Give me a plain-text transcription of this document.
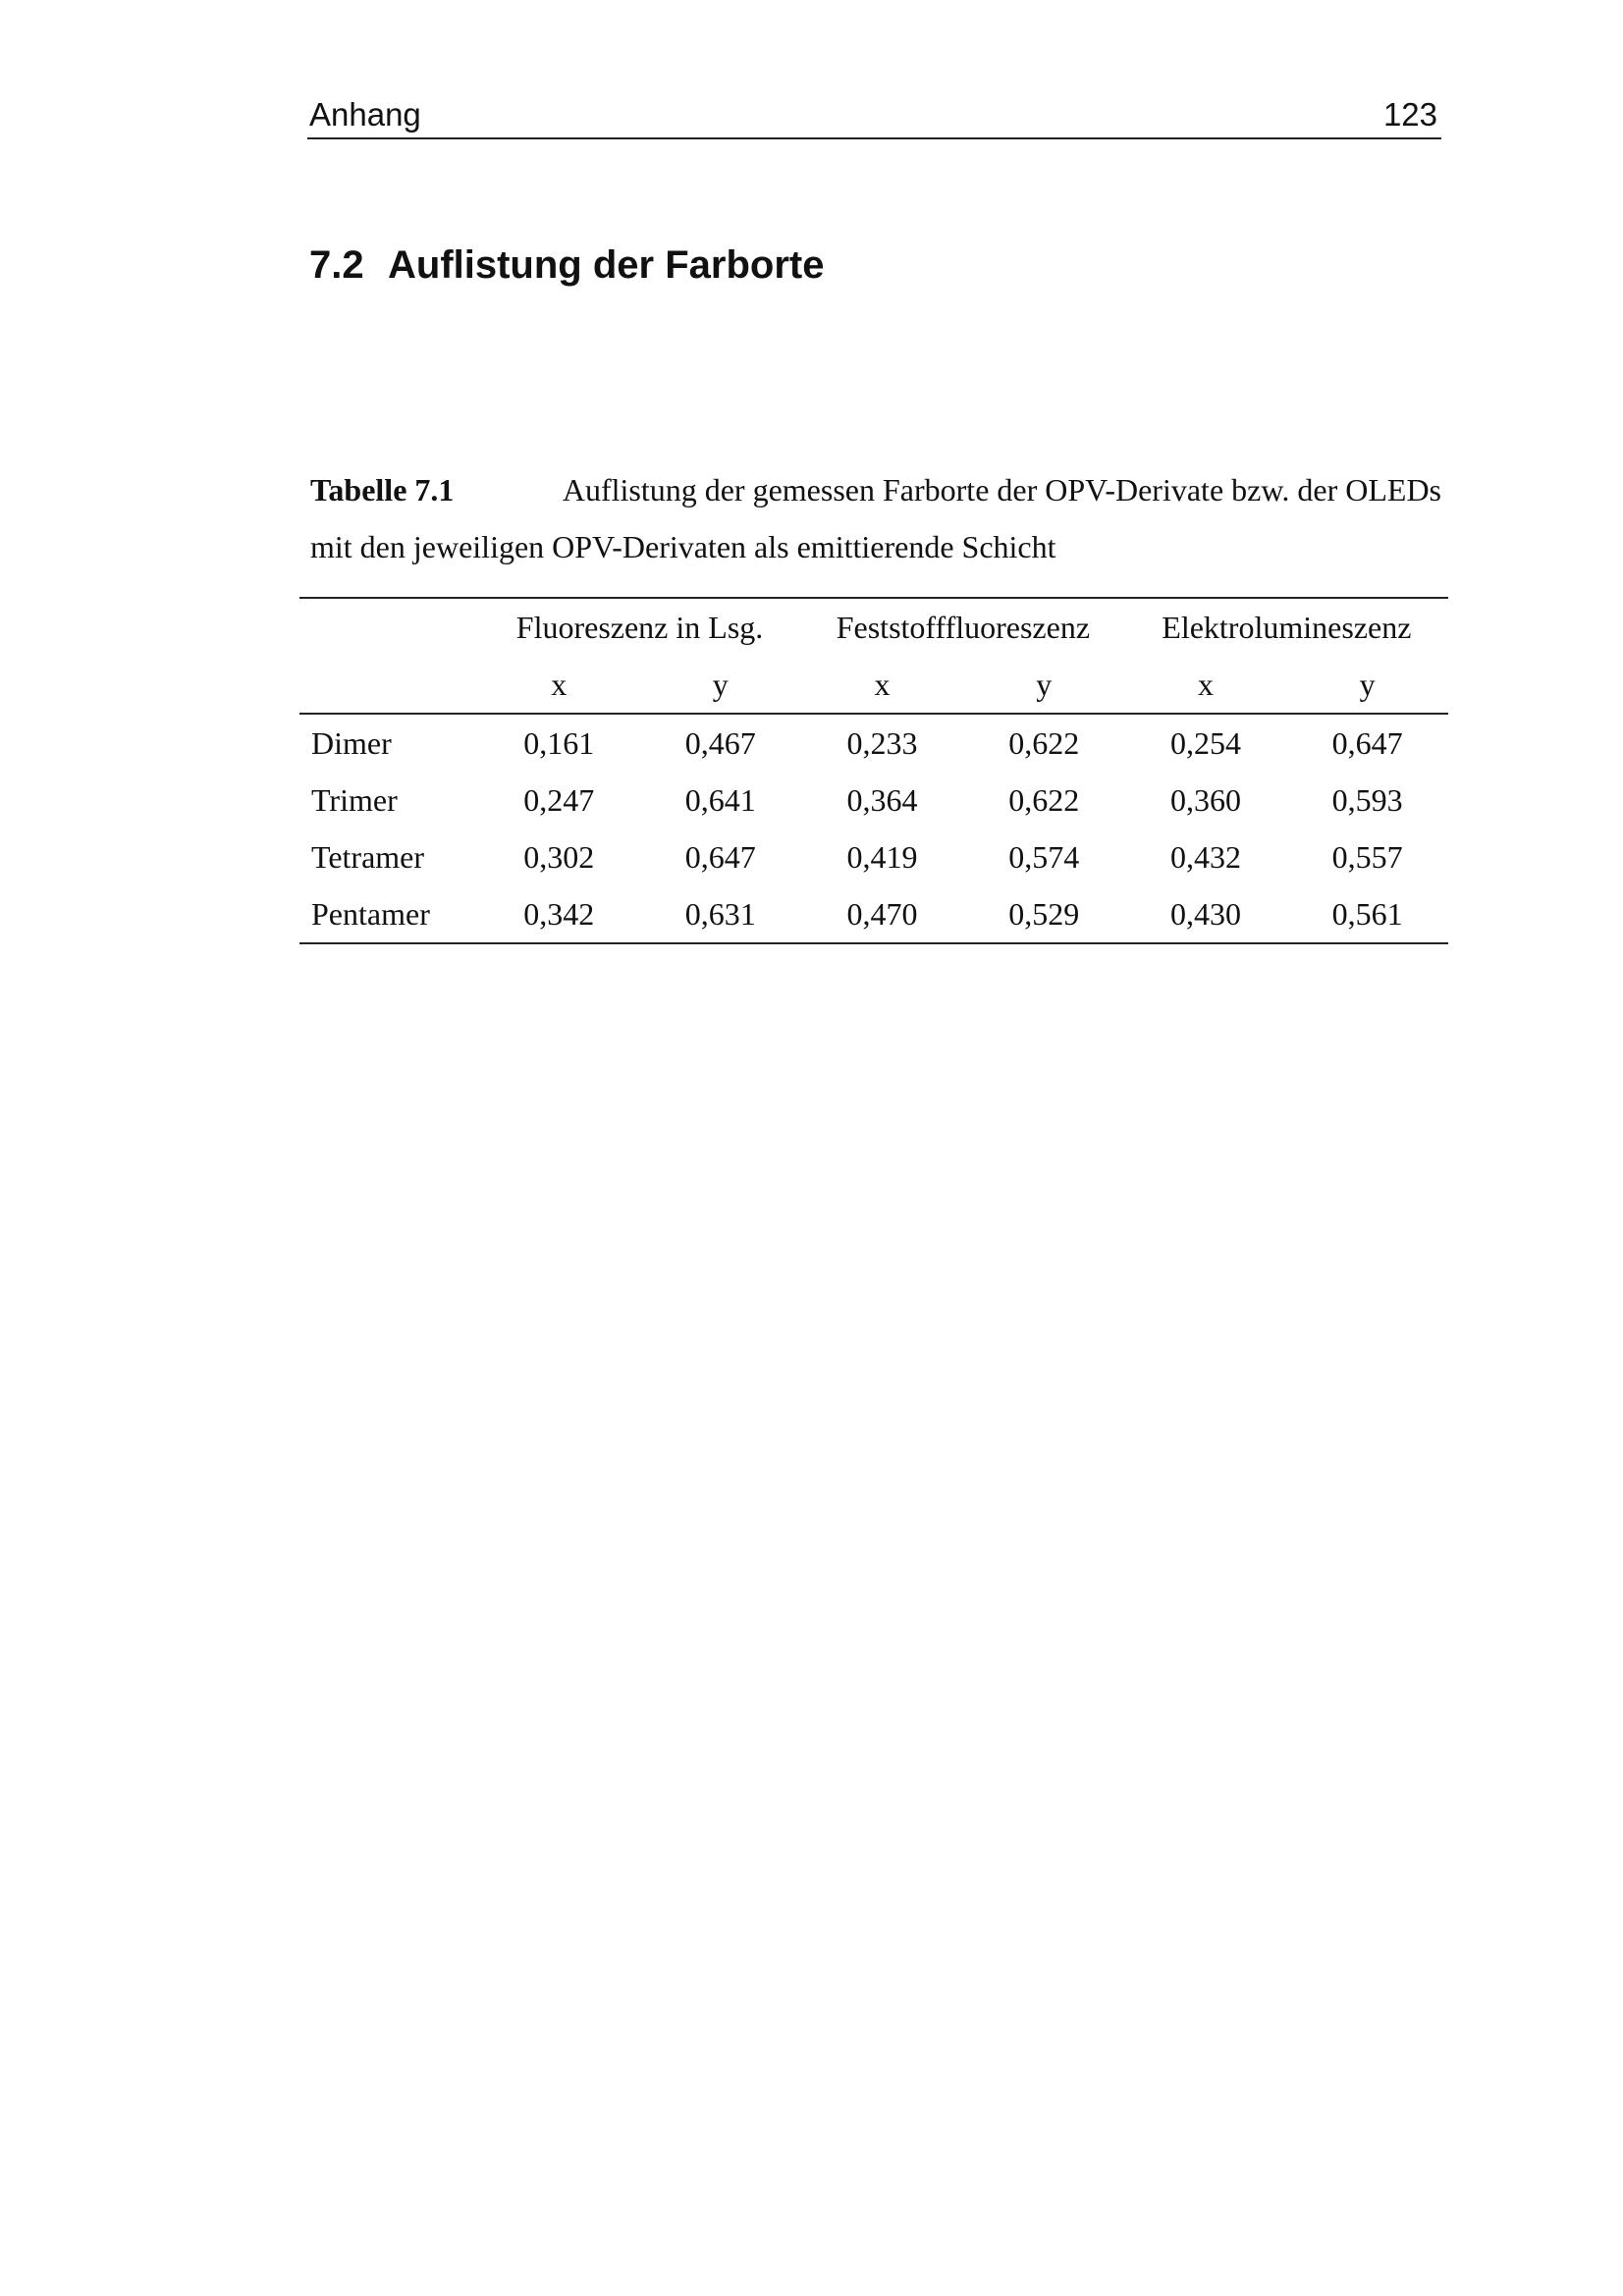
Anhang	123
7.2 Auflistung der Farborte
Tabelle 7.1	Auflistung der gemessen Farborte der OPV-Derivate bzw. der OLEDs
mit den jeweiligen OPV-Derivaten als emittierende Schicht
	Fluoreszenz in Lsg.		Feststofffluoreszenz		Elektrolumineszenz	
	x	y	x	y	x	y
Dimer	0,161	0,467	0,233	0,622	0,254	0,647
Trimer	0,247	0,641	0,364	0,622	0,360	0,593
Tetramer	0,302	0,647	0,419	0,574	0,432	0,557
Pentamer	0,342	0,631	0,470	0,529	0,430	0,561
